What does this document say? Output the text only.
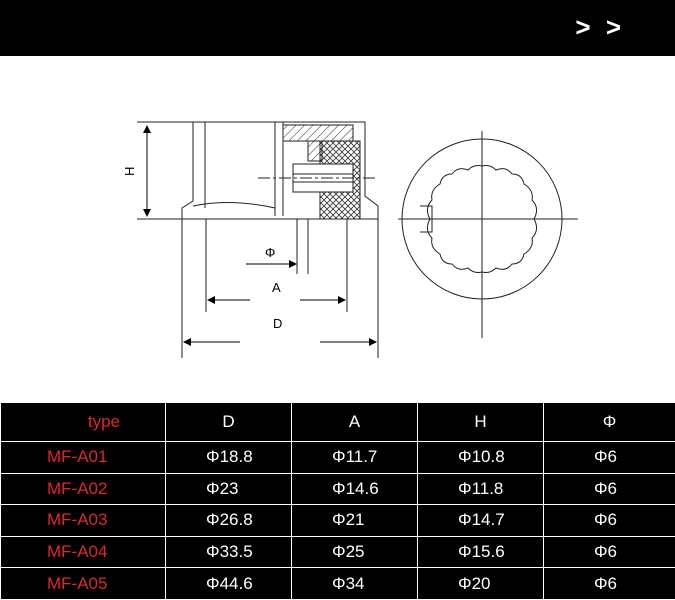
> >
H
Φ
A
D
type	D	A	H	Φ
MF-A01	Φ18.8	Φ11.7	Φ10.8	Φ6
MF-A02	Φ23	Φ14.6	Φ11.8	Φ6
MF-A03	Φ26.8	Φ21	Φ14.7	Φ6
MF-A04	Φ33.5	Φ25	Φ15.6	Φ6
MF-A05	Φ44.6	Φ34	Φ20	Φ6
